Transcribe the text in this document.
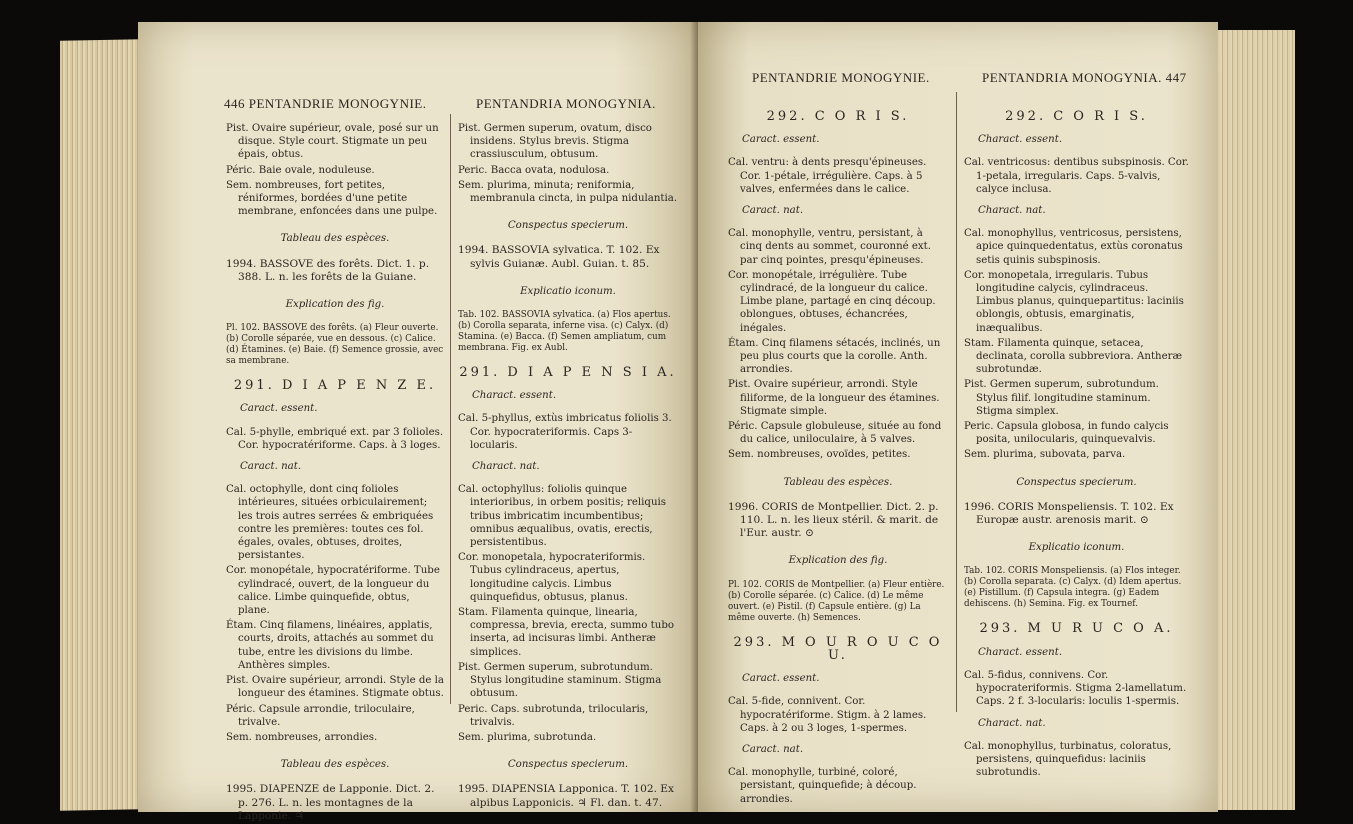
446 PENTANDRIE MONOGYNIE.	PENTANDRIA MONOGYNIA.

Pist. Ovaire supérieur, ovale, posé sur un disque. Style court. Stigmate un peu épais, obtus.

Péric. Baie ovale, noduleuse.

Sem. nombreuses, fort petites, réniformes, bordées d'une petite membrane, enfoncées dans une pulpe.

Tableau des espèces.

1994. BASSOVE des forêts. Dict. 1. p. 388. L. n. les forêts de la Guiane.

Explication des fig.

Pl. 102. BASSOVE des forêts. (a) Fleur ouverte. (b) Corolle séparée, vue en dessous. (c) Calice. (d) Étamines. (e) Baie. (f) Semence grossie, avec sa membrane.

291. D I A P E N Z E.

Caract. essent.

Cal. 5-phylle, embriqué ext. par 3 folioles. Cor. hypocratériforme. Caps. à 3 loges.

Caract. nat.

Cal. octophylle, dont cinq folioles intérieures, situées orbiculairement; les trois autres serrées & embriquées contre les premières: toutes ces fol. égales, ovales, obtuses, droites, persistantes.

Cor. monopétale, hypocratériforme. Tube cylindracé, ouvert, de la longueur du calice. Limbe quinquefide, obtus, plane.

Étam. Cinq filamens, linéaires, applatis, courts, droits, attachés au sommet du tube, entre les divisions du limbe. Anthères simples.

Pist. Ovaire supérieur, arrondi. Style de la longueur des étamines. Stigmate obtus.

Péric. Capsule arrondie, triloculaire, trivalve.

Sem. nombreuses, arrondies.

Tableau des espèces.

1995. DIAPENZE de Lapponie. Dict. 2. p. 276. L. n. les montagnes de la Lapponie. ♃

Pist. Germen superum, ovatum, disco insidens. Stylus brevis. Stigma crassiusculum, obtusum.

Peric. Bacca ovata, nodulosa.

Sem. plurima, minuta; reniformia, membranula cincta, in pulpa nidulantia.

Conspectus specierum.

1994. BASSOVIA sylvatica. T. 102. Ex sylvis Guianæ. Aubl. Guian. t. 85.

Explicatio iconum.

Tab. 102. BASSOVIA sylvatica. (a) Flos apertus. (b) Corolla separata, inferne visa. (c) Calyx. (d) Stamina. (e) Bacca. (f) Semen ampliatum, cum membrana. Fig. ex Aubl.

291. D I A P E N S I A.

Charact. essent.

Cal. 5-phyllus, extùs imbricatus foliolis 3. Cor. hypocrateriformis. Caps 3-locularis.

Charact. nat.

Cal. octophyllus: foliolis quinque interioribus, in orbem positis; reliquis tribus imbricatim incumbentibus; omnibus æqualibus, ovatis, erectis, persistentibus.

Cor. monopetala, hypocrateriformis. Tubus cylindraceus, apertus, longitudine calycis. Limbus quinquefidus, obtusus, planus.

Stam. Filamenta quinque, linearia, compressa, brevia, erecta, summo tubo inserta, ad incisuras limbi. Antheræ simplices.

Pist. Germen superum, subrotundum. Stylus longitudine staminum. Stigma obtusum.

Peric. Caps. subrotunda, trilocularis, trivalvis.

Sem. plurima, subrotunda.

Conspectus specierum.

1995. DIAPENSIA Lapponica. T. 102. Ex alpibus Lapponicis. ♃ Fl. dan. t. 47.

PENTANDRIE MONOGYNIE.	PENTANDRIA MONOGYNIA. 447

292. C O R I S.

Caract. essent.

Cal. ventru: à dents presqu'épineuses. Cor. 1-pétale, irrégulière. Caps. à 5 valves, enfermées dans le calice.

Caract. nat.

Cal. monophylle, ventru, persistant, à cinq dents au sommet, couronné ext. par cinq pointes, presqu'épineuses.

Cor. monopétale, irrégulière. Tube cylindracé, de la longueur du calice. Limbe plane, partagé en cinq découp. oblongues, obtuses, échancrées, inégales.

Étam. Cinq filamens sétacés, inclinés, un peu plus courts que la corolle. Anth. arrondies.

Pist. Ovaire supérieur, arrondi. Style filiforme, de la longueur des étamines. Stigmate simple.

Péric. Capsule globuleuse, située au fond du calice, uniloculaire, à 5 valves.

Sem. nombreuses, ovoïdes, petites.

Tableau des espèces.

1996. CORIS de Montpellier. Dict. 2. p. 110. L. n. les lieux stéril. & marit. de l'Eur. austr. ⊙

Explication des fig.

Pl. 102. CORIS de Montpellier. (a) Fleur entière. (b) Corolle séparée. (c) Calice. (d) Le même ouvert. (e) Pistil. (f) Capsule entière. (g) La même ouverte. (h) Semences.

293. M O U R O U C O U.

Caract. essent.

Cal. 5-fide, connivent. Cor. hypocratériforme. Stigm. à 2 lames. Caps. à 2 ou 3 loges, 1-spermes.

Caract. nat.

Cal. monophylle, turbiné, coloré, persistant, quinquefide; à découp. arrondies.

292. C O R I S.

Charact. essent.

Cal. ventricosus: dentibus subspinosis. Cor. 1-petala, irregularis. Caps. 5-valvis, calyce inclusa.

Charact. nat.

Cal. monophyllus, ventricosus, persistens, apice quinquedentatus, extùs coronatus setis quinis subspinosis.

Cor. monopetala, irregularis. Tubus longitudine calycis, cylindraceus. Limbus planus, quinquepartitus: laciniis oblongis, obtusis, emarginatis, inæqualibus.

Stam. Filamenta quinque, setacea, declinata, corolla subbreviora. Antheræ subrotundæ.

Pist. Germen superum, subrotundum. Stylus filif. longitudine staminum. Stigma simplex.

Peric. Capsula globosa, in fundo calycis posita, unilocularis, quinquevalvis.

Sem. plurima, subovata, parva.

Conspectus specierum.

1996. CORIS Monspeliensis. T. 102. Ex Europæ austr. arenosis marit. ⊙

Explicatio iconum.

Tab. 102. CORIS Monspeliensis. (a) Flos integer. (b) Corolla separata. (c) Calyx. (d) Idem apertus. (e) Pistillum. (f) Capsula integra. (g) Eadem dehiscens. (h) Semina. Fig. ex Tournef.

293. M U R U C O A.

Charact. essent.

Cal. 5-fidus, connivens. Cor. hypocrateriformis. Stigma 2-lamellatum. Caps. 2 f. 3-locularis: loculis 1-spermis.

Charact. nat.

Cal. monophyllus, turbinatus, coloratus, persistens, quinquefidus: laciniis subrotundis.
